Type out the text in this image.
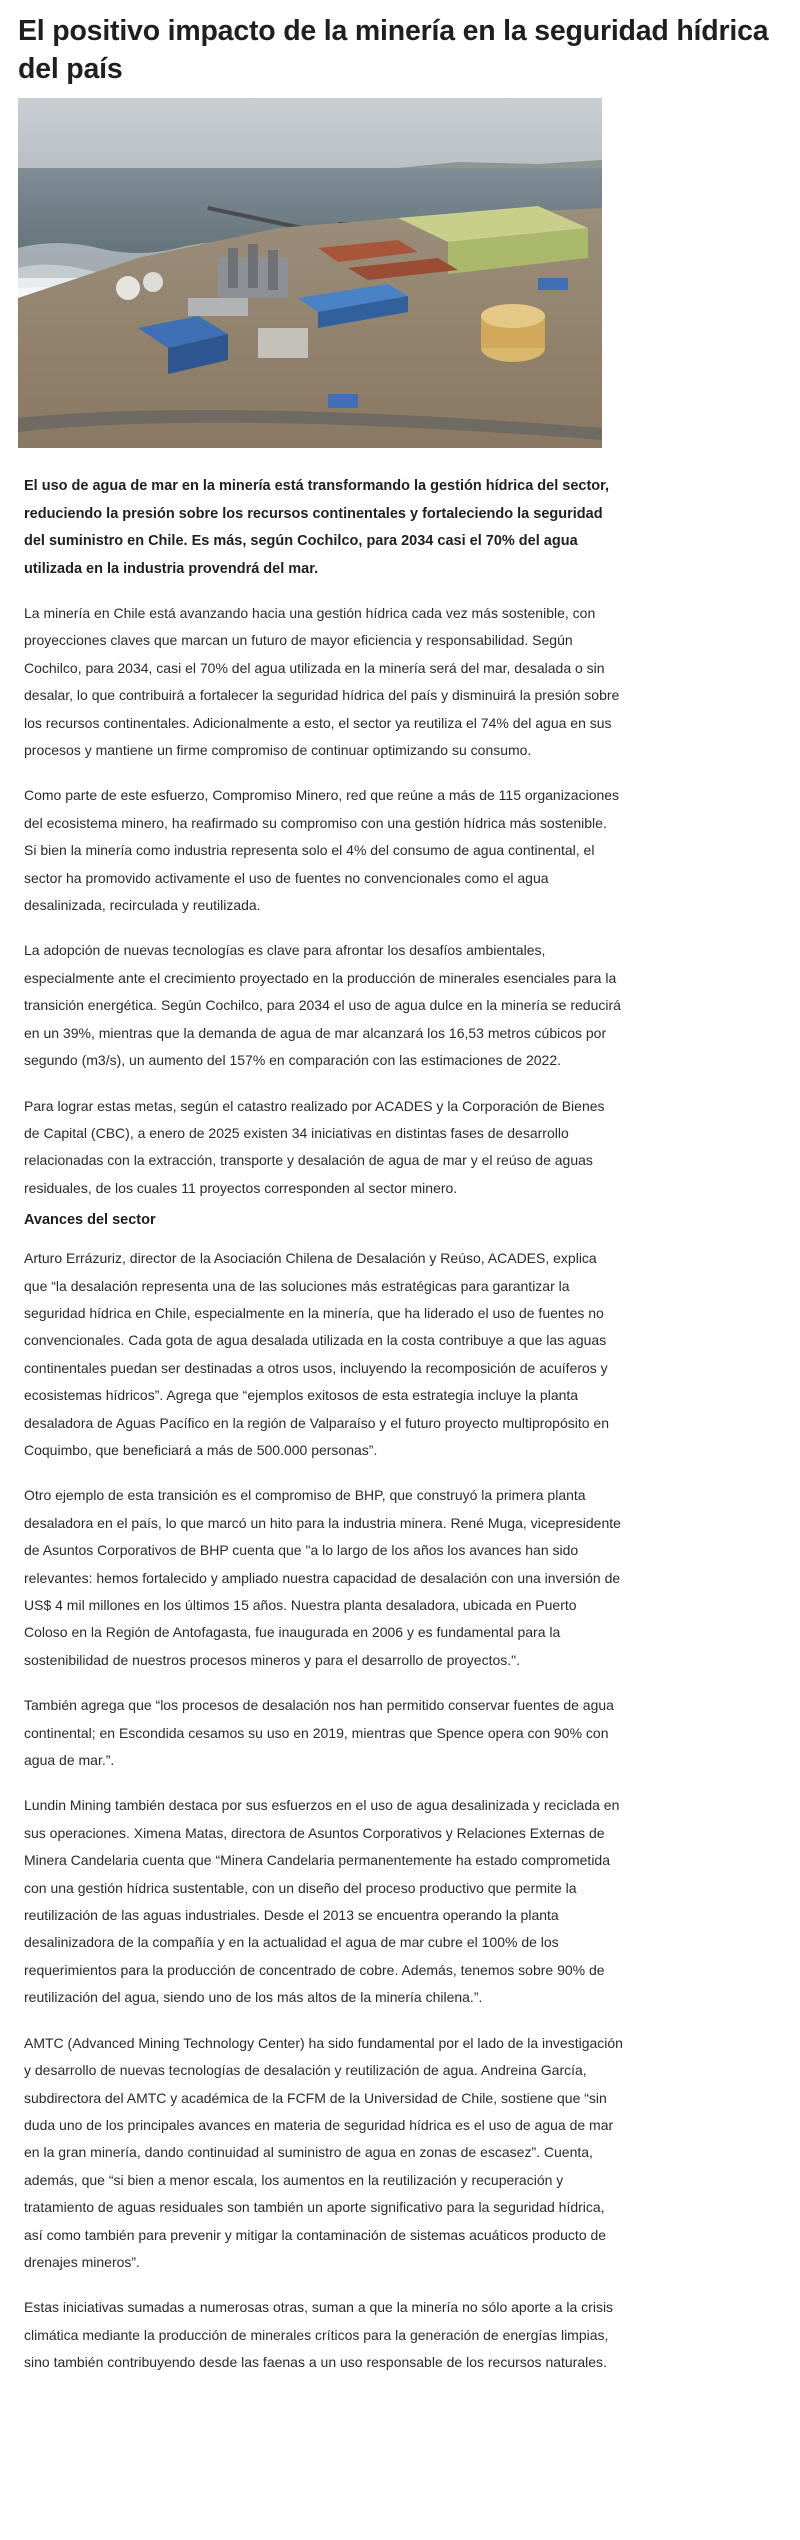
El positivo impacto de la minería en la seguridad hídrica del país

El uso de agua de mar en la minería está transformando la gestión hídrica del sector, reduciendo la presión sobre los recursos continentales y fortaleciendo la seguridad del suministro en Chile. Es más, según Cochilco, para 2034 casi el 70% del agua utilizada en la industria provendrá del mar.

La minería en Chile está avanzando hacia una gestión hídrica cada vez más sostenible, con proyecciones claves que marcan un futuro de mayor eficiencia y responsabilidad. Según Cochilco, para 2034, casi el 70% del agua utilizada en la minería será del mar, desalada o sin desalar, lo que contribuirá a fortalecer la seguridad hídrica del país y disminuirá la presión sobre los recursos continentales. Adicionalmente a esto, el sector ya reutiliza el 74% del agua en sus procesos y mantiene un firme compromiso de continuar optimizando su consumo.

Como parte de este esfuerzo, Compromiso Minero, red que reúne a más de 115 organizaciones del ecosistema minero, ha reafirmado su compromiso con una gestión hídrica más sostenible. Si bien la minería como industria representa solo el 4% del consumo de agua continental, el sector ha promovido activamente el uso de fuentes no convencionales como el agua desalinizada, recirculada y reutilizada.

La adopción de nuevas tecnologías es clave para afrontar los desafíos ambientales, especialmente ante el crecimiento proyectado en la producción de minerales esenciales para la transición energética. Según Cochilco, para 2034 el uso de agua dulce en la minería se reducirá en un 39%, mientras que la demanda de agua de mar alcanzará los 16,53 metros cúbicos por segundo (m3/s), un aumento del 157% en comparación con las estimaciones de 2022.

Para lograr estas metas, según el catastro realizado por ACADES y la Corporación de Bienes de Capital (CBC), a enero de 2025 existen 34 iniciativas en distintas fases de desarrollo relacionadas con la extracción, transporte y desalación de agua de mar y el reúso de aguas residuales, de los cuales 11 proyectos corresponden al sector minero.

Avances del sector

Arturo Errázuriz, director de la Asociación Chilena de Desalación y Reúso, ACADES, explica que “la desalación representa una de las soluciones más estratégicas para garantizar la seguridad hídrica en Chile, especialmente en la minería, que ha liderado el uso de fuentes no convencionales. Cada gota de agua desalada utilizada en la costa contribuye a que las aguas continentales puedan ser destinadas a otros usos, incluyendo la recomposición de acuíferos y ecosistemas hídricos”. Agrega que “ejemplos exitosos de esta estrategia incluye la planta desaladora de Aguas Pacífico en la región de Valparaíso y el futuro proyecto multipropósito en Coquimbo, que beneficiará a más de 500.000 personas”.

Otro ejemplo de esta transición es el compromiso de BHP, que construyó la primera planta desaladora en el país, lo que marcó un hito para la industria minera. René Muga, vicepresidente de Asuntos Corporativos de BHP cuenta que "a lo largo de los años los avances han sido relevantes: hemos fortalecido y ampliado nuestra capacidad de desalación con una inversión de US$ 4 mil millones en los últimos 15 años. Nuestra planta desaladora, ubicada en Puerto Coloso en la Región de Antofagasta, fue inaugurada en 2006 y es fundamental para la sostenibilidad de nuestros procesos mineros y para el desarrollo de proyectos.".

También agrega que “los procesos de desalación nos han permitido conservar fuentes de agua continental; en Escondida cesamos su uso en 2019, mientras que Spence opera con 90% con agua de mar.”.

Lundin Mining también destaca por sus esfuerzos en el uso de agua desalinizada y reciclada en sus operaciones. Ximena Matas, directora de Asuntos Corporativos y Relaciones Externas de Minera Candelaria cuenta que “Minera Candelaria permanentemente ha estado comprometida con una gestión hídrica sustentable, con un diseño del proceso productivo que permite la reutilización de las aguas industriales. Desde el 2013 se encuentra operando la planta desalinizadora de la compañía y en la actualidad el agua de mar cubre el 100% de los requerimientos para la producción de concentrado de cobre. Además, tenemos sobre 90% de reutilización del agua, siendo uno de los más altos de la minería chilena.”.

AMTC (Advanced Mining Technology Center) ha sido fundamental por el lado de la investigación y desarrollo de nuevas tecnologías de desalación y reutilización de agua. Andreina García, subdirectora del AMTC y académica de la FCFM de la Universidad de Chile, sostiene que “sin duda uno de los principales avances en materia de seguridad hídrica es el uso de agua de mar en la gran minería, dando continuidad al suministro de agua en zonas de escasez”. Cuenta, además, que “si bien a menor escala, los aumentos en la reutilización y recuperación y tratamiento de aguas residuales son también un aporte significativo para la seguridad hídrica, así como también para prevenir y mitigar la contaminación de sistemas acuáticos producto de drenajes mineros”.

Estas iniciativas sumadas a numerosas otras, suman a que la minería no sólo aporte a la crisis climática mediante la producción de minerales críticos para la generación de energías limpias, sino también contribuyendo desde las faenas a un uso responsable de los recursos naturales.
